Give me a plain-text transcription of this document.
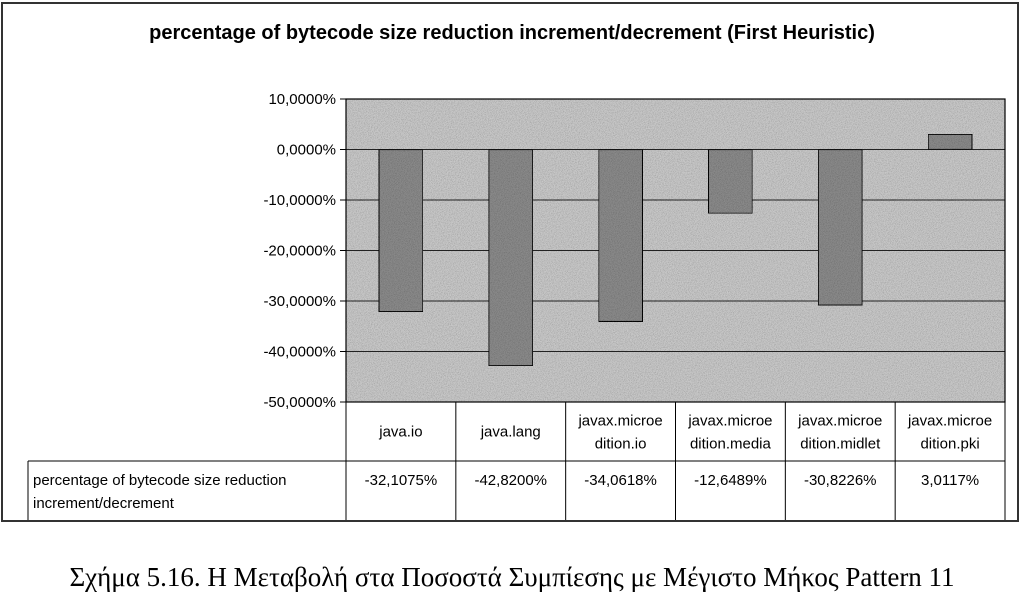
percentage of bytecode size reduction increment/decrement (First Heuristic)
10,0000%
0,0000%
-10,0000%
-20,0000%
-30,0000%
-40,0000%
-50,0000%
java.io	java.lang
javax.microe
dition.io
javax.microe
dition.media
javax.microe
dition.midlet
javax.microe
dition.pki
percentage of bytecode size reduction
increment/decrement
-32,1075% -42,8200% -34,0618% -12,6489% -30,8226%	3,0117%
Σχήμα 5.16. Η Μεταβολή στα Ποσοστά Συμπίεσης με Μέγιστο Μήκος Pattern 11
